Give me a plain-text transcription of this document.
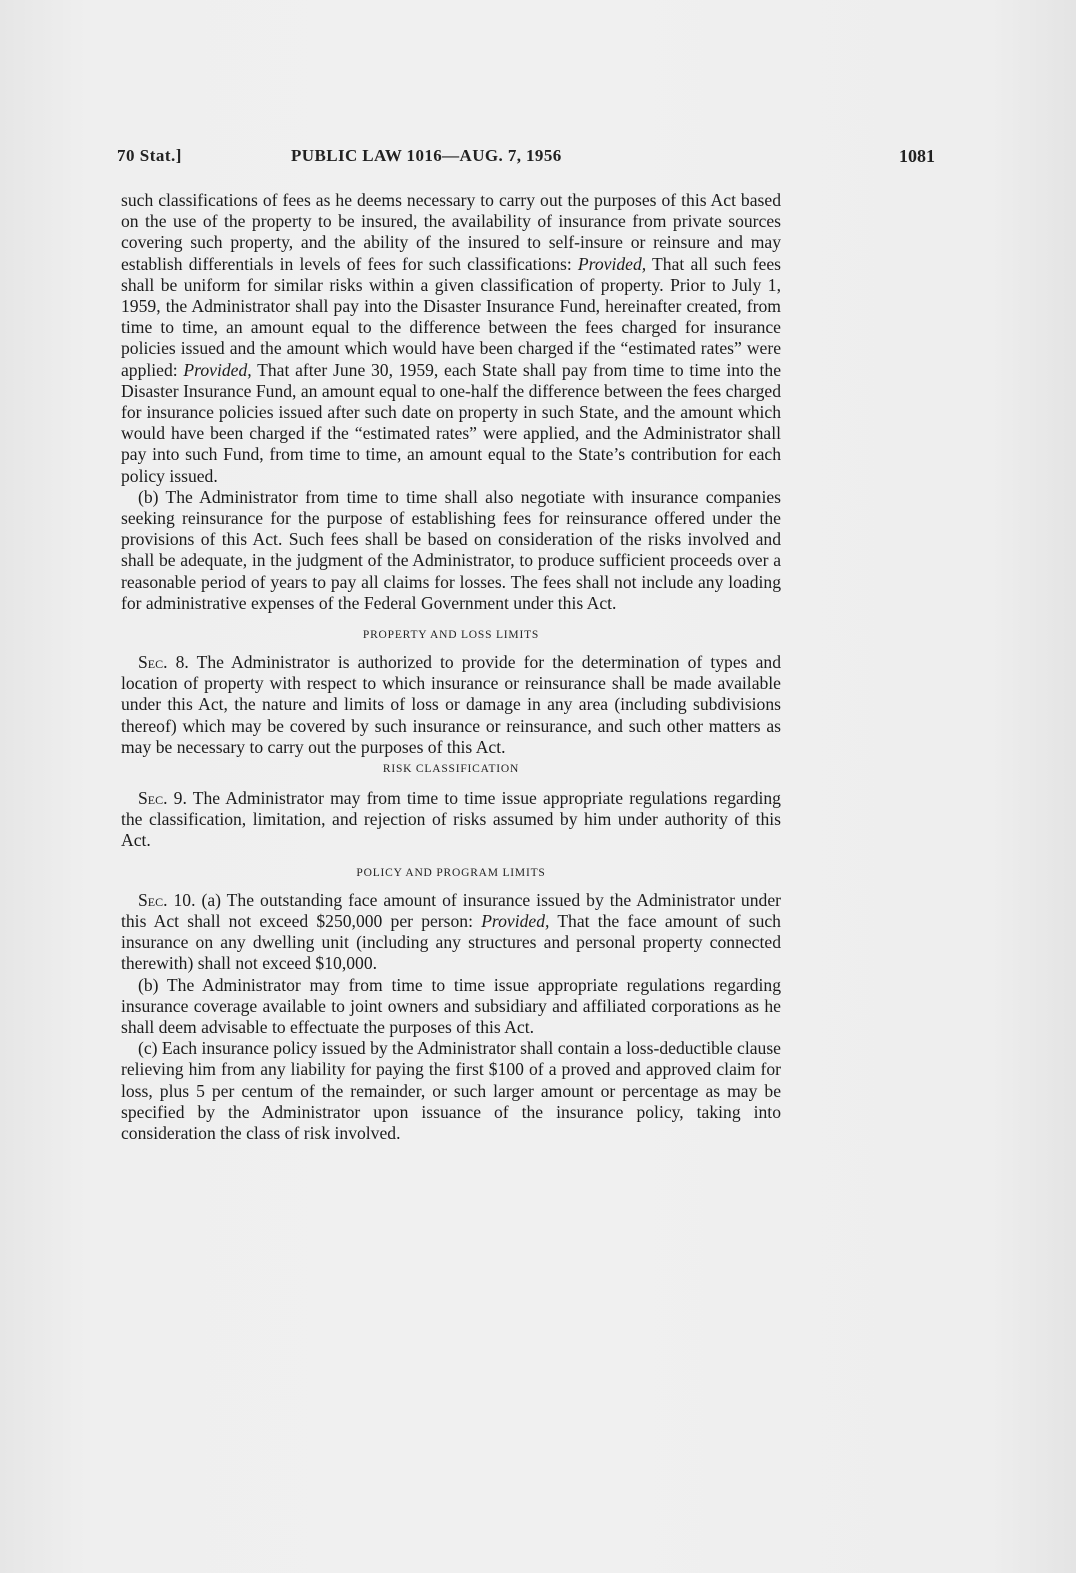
70 Stat.]	PUBLIC LAW 1016—AUG. 7, 1956	1081

such classifications of fees as he deems necessary to carry out the purposes of this Act based on the use of the property to be insured, the availability of insurance from private sources covering such property, and the ability of the insured to self-insure or reinsure and may establish differentials in levels of fees for such classifications: Provided, That all such fees shall be uniform for similar risks within a given classification of property. Prior to July 1, 1959, the Administrator shall pay into the Disaster Insurance Fund, hereinafter created, from time to time, an amount equal to the difference between the fees charged for insurance policies issued and the amount which would have been charged if the “estimated rates” were applied: Provided, That after June 30, 1959, each State shall pay from time to time into the Disaster Insurance Fund, an amount equal to one-half the difference between the fees charged for insurance policies issued after such date on property in such State, and the amount which would have been charged if the “estimated rates” were applied, and the Administrator shall pay into such Fund, from time to time, an amount equal to the State’s contribution for each policy issued.

(b) The Administrator from time to time shall also negotiate with insurance companies seeking reinsurance for the purpose of establishing fees for reinsurance offered under the provisions of this Act. Such fees shall be based on consideration of the risks involved and shall be adequate, in the judgment of the Administrator, to produce sufficient proceeds over a reasonable period of years to pay all claims for losses. The fees shall not include any loading for administrative expenses of the Federal Government under this Act.

PROPERTY AND LOSS LIMITS

Sec. 8. The Administrator is authorized to provide for the determination of types and location of property with respect to which insurance or reinsurance shall be made available under this Act, the nature and limits of loss or damage in any area (including subdivisions thereof) which may be covered by such insurance or reinsurance, and such other matters as may be necessary to carry out the purposes of this Act.

RISK CLASSIFICATION

Sec. 9. The Administrator may from time to time issue appropriate regulations regarding the classification, limitation, and rejection of risks assumed by him under authority of this Act.

POLICY AND PROGRAM LIMITS

Sec. 10. (a) The outstanding face amount of insurance issued by the Administrator under this Act shall not exceed $250,000 per person: Provided, That the face amount of such insurance on any dwelling unit (including any structures and personal property connected therewith) shall not exceed $10,000.

(b) The Administrator may from time to time issue appropriate regulations regarding insurance coverage available to joint owners and subsidiary and affiliated corporations as he shall deem advisable to effectuate the purposes of this Act.

(c) Each insurance policy issued by the Administrator shall contain a loss-deductible clause relieving him from any liability for paying the first $100 of a proved and approved claim for loss, plus 5 per centum of the remainder, or such larger amount or percentage as may be specified by the Administrator upon issuance of the insurance policy, taking into consideration the class of risk involved.
